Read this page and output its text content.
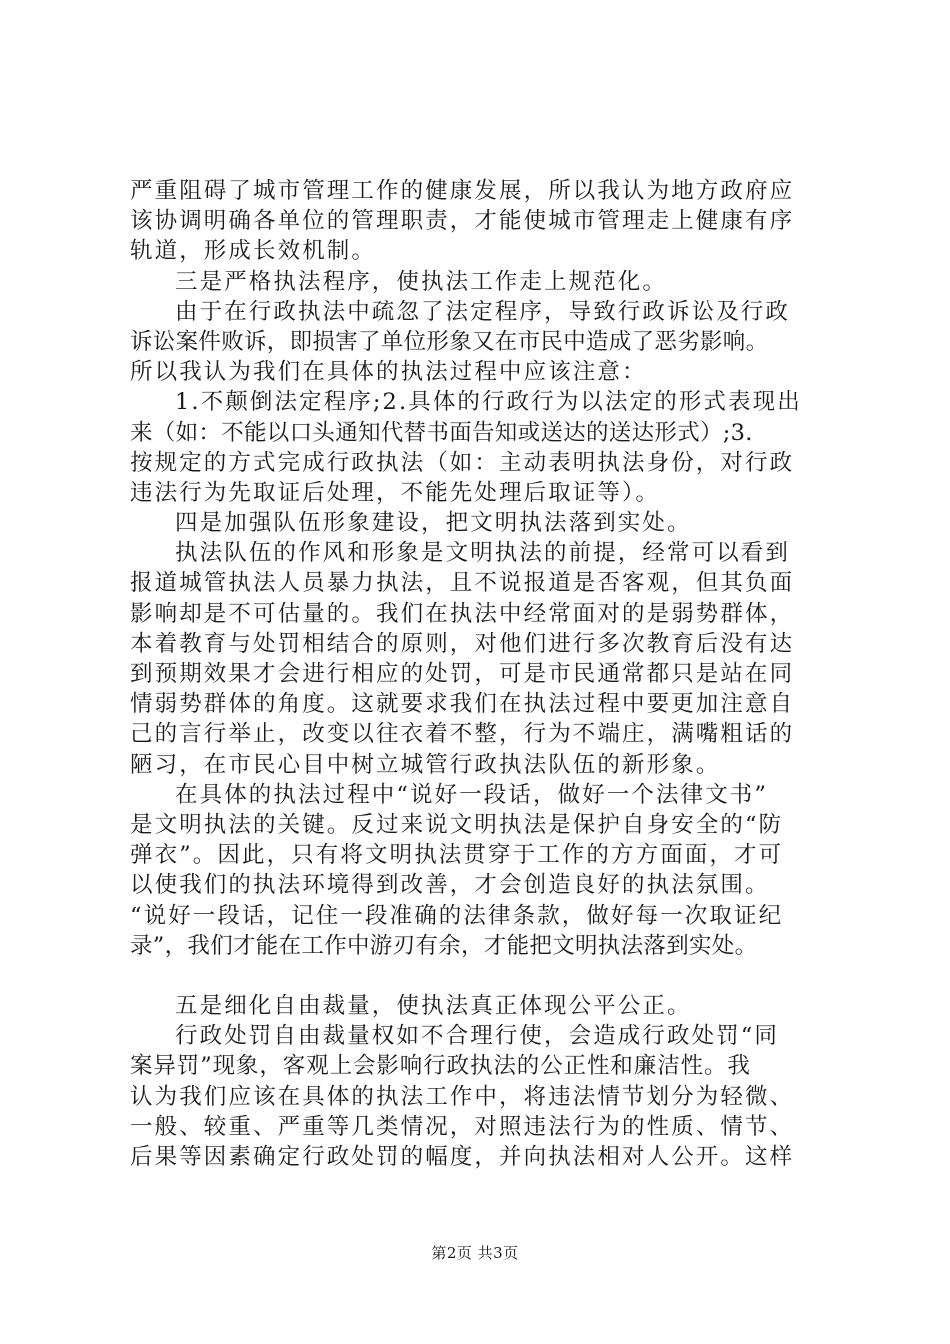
严重阻碍了城市管理工作的健康发展，所以我认为地方政府应
该协调明确各单位的管理职责，才能使城市管理走上健康有序
轨道，形成长效机制。
三是严格执法程序，使执法工作走上规范化。
由于在行政执法中疏忽了法定程序，导致行政诉讼及行政
诉讼案件败诉，即损害了单位形象又在市民中造成了恶劣影响。
所以我认为我们在具体的执法过程中应该注意：
1.不颠倒法定程序;2.具体的行政行为以法定的形式表现出
来（如：不能以口头通知代替书面告知或送达的送达形式）;3.
按规定的方式完成行政执法（如：主动表明执法身份，对行政
违法行为先取证后处理，不能先处理后取证等）。
四是加强队伍形象建设，把文明执法落到实处。
执法队伍的作风和形象是文明执法的前提，经常可以看到
报道城管执法人员暴力执法，且不说报道是否客观，但其负面
影响却是不可估量的。我们在执法中经常面对的是弱势群体，
本着教育与处罚相结合的原则，对他们进行多次教育后没有达
到预期效果才会进行相应的处罚，可是市民通常都只是站在同
情弱势群体的角度。这就要求我们在执法过程中要更加注意自
己的言行举止，改变以往衣着不整，行为不端庄，满嘴粗话的
陋习，在市民心目中树立城管行政执法队伍的新形象。
在具体的执法过程中“说好一段话，做好一个法律文书”
是文明执法的关键。反过来说文明执法是保护自身安全的“防
弹衣”。因此，只有将文明执法贯穿于工作的方方面面，才可
以使我们的执法环境得到改善，才会创造良好的执法氛围。
“说好一段话，记住一段准确的法律条款，做好每一次取证纪
录”，我们才能在工作中游刃有余，才能把文明执法落到实处。
五是细化自由裁量，使执法真正体现公平公正。
行政处罚自由裁量权如不合理行使，会造成行政处罚“同
案异罚”现象，客观上会影响行政执法的公正性和廉洁性。我
认为我们应该在具体的执法工作中，将违法情节划分为轻微、
一般、较重、严重等几类情况，对照违法行为的性质、情节、
后果等因素确定行政处罚的幅度，并向执法相对人公开。这样
第2页 共3页
